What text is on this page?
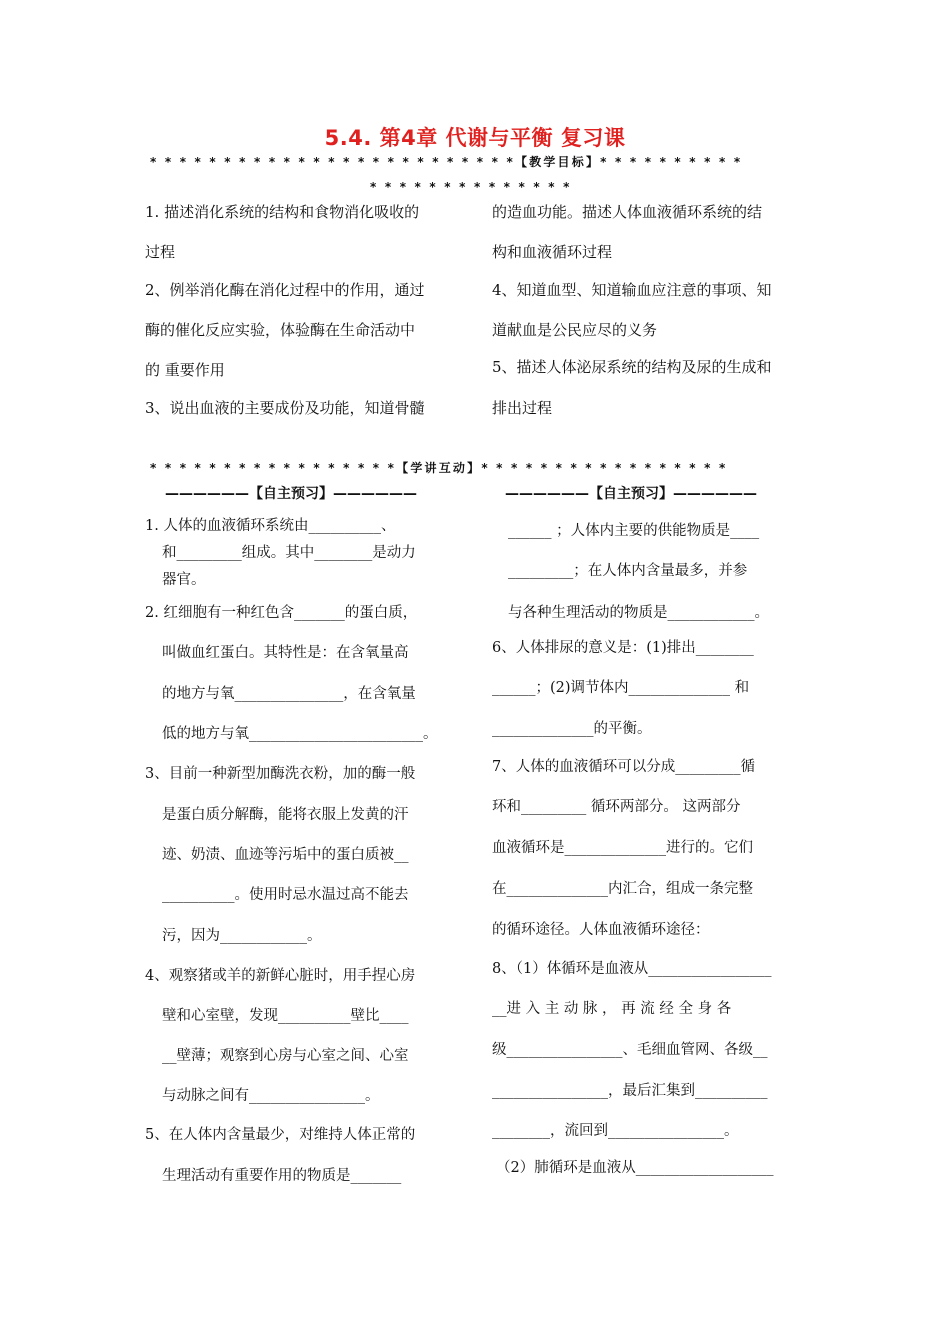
5.4. 第4章 代谢与平衡 复习课
* * * * * * * * * * * * * * * * * * * * * * * * *【教学目标】* * * * * * * * * *
* * * * * * * * * * * * * *
1. 描述消化系统的结构和食物消化吸收的
过程
2、例举消化酶在消化过程中的作用，通过
酶的催化反应实验，体验酶在生命活动中
的 重要作用
3、说出血液的主要成份及功能，知道骨髓
的造血功能。描述人体血液循环系统的结
构和血液循环过程
4、知道血型、知道输血应注意的事项、知
道献血是公民应尽的义务
5、描述人体泌尿系统的结构及尿的生成和
排出过程
* * * * * * * * * * * * * * * * *【学讲互动】* * * * * * * * * * * * * * * * *
——————【自主预习】——————	——————【自主预习】——————
1. 人体的血液循环系统由__________、
和_________组成。其中________是动力
器官。
2. 红细胞有一种红色含_______的蛋白质，
叫做血红蛋白。其特性是：在含氧量高
的地方与氧_______________，在含氧量
低的地方与氧________________________。
3、目前一种新型加酶洗衣粉，加的酶一般
是蛋白质分解酶，能将衣服上发黄的汗
迹、奶渍、血迹等污垢中的蛋白质被__
__________。使用时忌水温过高不能去
污，因为____________。
4、观察猪或羊的新鲜心脏时，用手捏心房
壁和心室壁，发现__________壁比____
__壁薄；观察到心房与心室之间、心室
与动脉之间有________________。
5、在人体内含量最少，对维持人体正常的
生理活动有重要作用的物质是_______
______ ；人体内主要的供能物质是____
_________；在人体内含量最多，并参
与各种生理活动的物质是____________。
6、人体排尿的意义是：(1)排出________
______；(2)调节体内______________ 和
______________的平衡。
7、人体的血液循环可以分成_________循
环和_________ 循环两部分。 这两部分
血液循环是______________进行的。它们
在______________内汇合，组成一条完整
的循环途径。人体血液循环途径：
8、（1）体循环是血液从_________________
__进 入 主 动 脉 ， 再 流 经 全 身 各
级________________、毛细血管网、各级__
________________，最后汇集到__________
________，流回到________________。
（2）肺循环是血液从___________________
